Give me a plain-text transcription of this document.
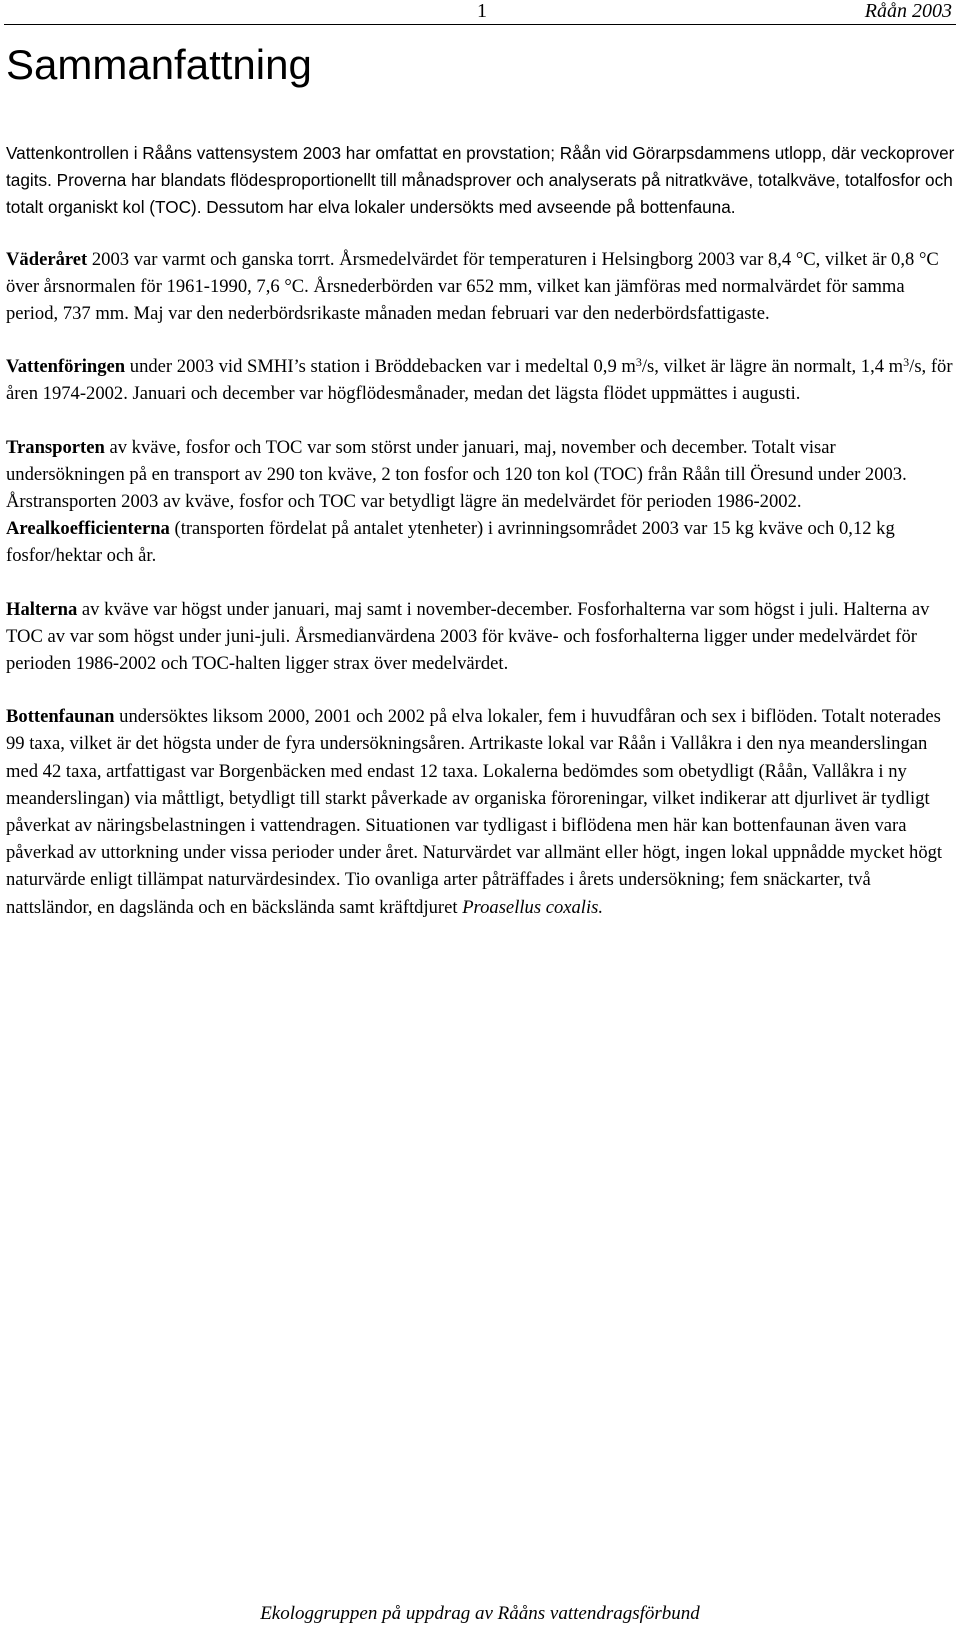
1	Råån 2003
Sammanfattning

Vattenkontrollen i Rååns vattensystem 2003 har omfattat en provstation; Råån vid Görarpsdammens utlopp, där veckoprover tagits. Proverna har blandats flödesproportionellt till månadsprover och analyserats på nitratkväve, totalkväve, totalfosfor och totalt organiskt kol (TOC). Dessutom har elva lokaler undersökts med avseende på bottenfauna.

Väderåret 2003 var varmt och ganska torrt. Årsmedelvärdet för temperaturen i Helsingborg 2003 var 8,4 °C, vilket är 0,8 °C över årsnormalen för 1961-1990, 7,6 °C. Årsnederbörden var 652 mm, vilket kan jämföras med normalvärdet för samma period, 737 mm. Maj var den nederbördsrikaste månaden medan februari var den nederbördsfattigaste.

Vattenföringen under 2003 vid SMHI’s station i Bröddebacken var i medeltal 0,9 $m^3/s$, vilket är lägre än normalt, 1,4 $m^3/s$, för åren 1974-2002. Januari och december var högflödesmånader, medan det lägsta flödet uppmättes i augusti.

Transporten av kväve, fosfor och TOC var som störst under januari, maj, november och december. Totalt visar undersökningen på en transport av 290 ton kväve, 2 ton fosfor och 120 ton kol (TOC) från Råån till Öresund under 2003. Årstransporten 2003 av kväve, fosfor och TOC var betydligt lägre än medelvärdet för perioden 1986-2002. Arealkoefficienterna (transporten fördelat på antalet ytenheter) i avrinningsområdet 2003 var 15 kg kväve och 0,12 kg fosfor/hektar och år.

Halterna av kväve var högst under januari, maj samt i november-december. Fosforhalterna var som högst i juli. Halterna av TOC av var som högst under juni-juli. Årsmedianvärdena 2003 för kväve- och fosforhalterna ligger under medelvärdet för perioden 1986-2002 och TOC-halten ligger strax över medelvärdet.

Bottenfaunan undersöktes liksom 2000, 2001 och 2002 på elva lokaler, fem i huvudfåran och sex i biflöden. Totalt noterades 99 taxa, vilket är det högsta under de fyra undersökningsåren. Artrikaste lokal var Råån i Vallåkra i den nya meanderslingan med 42 taxa, artfattigast var Borgenbäcken med endast 12 taxa. Lokalerna bedömdes som obetydligt (Råån, Vallåkra i ny meanderslingan) via måttligt, betydligt till starkt påverkade av organiska föroreningar, vilket indikerar att djurlivet är tydligt påverkat av näringsbelastningen i vattendragen. Situationen var tydligast i biflödena men här kan bottenfaunan även vara påverkad av uttorkning under vissa perioder under året. Naturvärdet var allmänt eller högt, ingen lokal uppnådde mycket högt naturvärde enligt tillämpat naturvärdesindex. Tio ovanliga arter påträffades i årets undersökning; fem snäckarter, två nattsländor, en dagslända och en bäcksländа samt kräftdjuret Proasellus coxalis.

Ekologgruppen på uppdrag av Rååns vattendragsförbund
